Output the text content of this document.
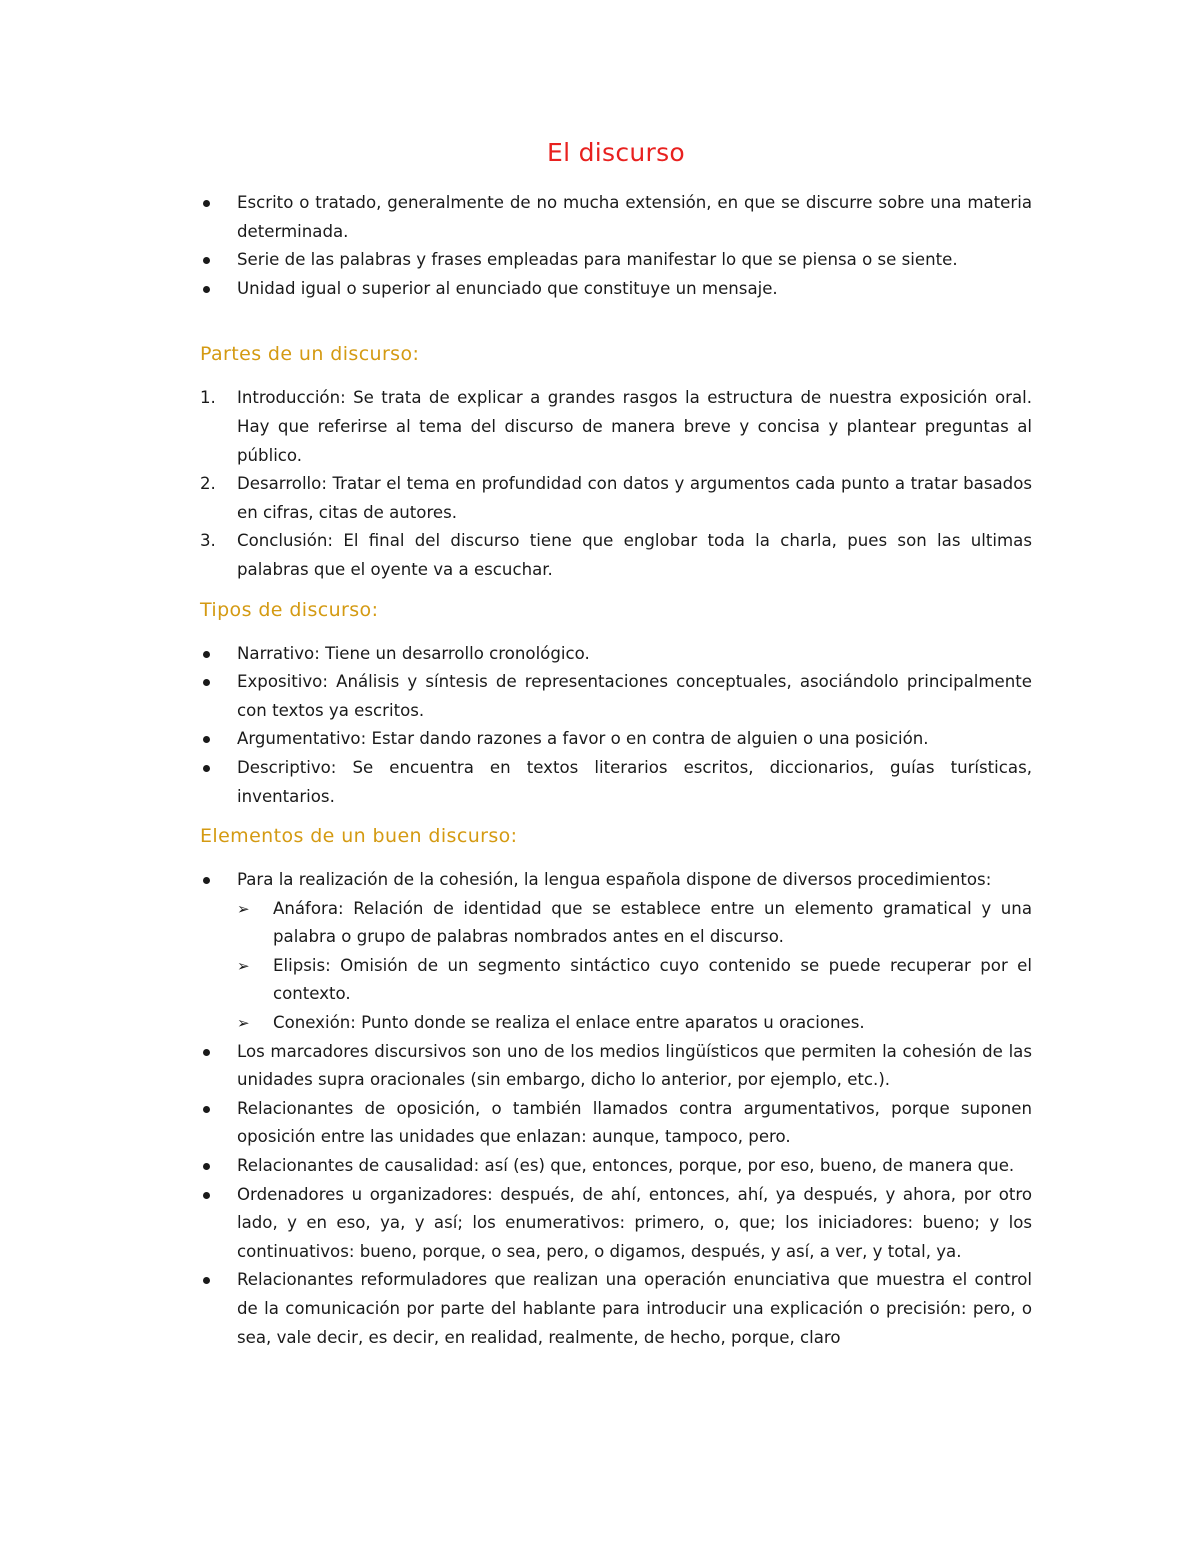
El discurso
Escrito o tratado, generalmente de no mucha extensión, en que se discurre sobre una materia determinada.
Serie de las palabras y frases empleadas para manifestar lo que se piensa o se siente.
Unidad igual o superior al enunciado que constituye un mensaje.
Partes de un discurso:
1. Introducción: Se trata de explicar a grandes rasgos la estructura de nuestra exposición oral. Hay que referirse al tema del discurso de manera breve y concisa y plantear preguntas al público.
2. Desarrollo: Tratar el tema en profundidad con datos y argumentos cada punto a tratar basados en cifras, citas de autores.
3. Conclusión: El final del discurso tiene que englobar toda la charla, pues son las ultimas palabras que el oyente va a escuchar.
Tipos de discurso:
Narrativo: Tiene un desarrollo cronológico.
Expositivo: Análisis y síntesis de representaciones conceptuales, asociándolo principalmente con textos ya escritos.
Argumentativo: Estar dando razones a favor o en contra de alguien o una posición.
Descriptivo: Se encuentra en textos literarios escritos, diccionarios, guías turísticas, inventarios.
Elementos de un buen discurso:
Para la realización de la cohesión, la lengua española dispone de diversos procedimientos:
➢ Anáfora: Relación de identidad que se establece entre un elemento gramatical y una palabra o grupo de palabras nombrados antes en el discurso.
➢ Elipsis: Omisión de un segmento sintáctico cuyo contenido se puede recuperar por el contexto.
➢ Conexión: Punto donde se realiza el enlace entre aparatos u oraciones.
Los marcadores discursivos son uno de los medios lingüísticos que permiten la cohesión de las unidades supra oracionales (sin embargo, dicho lo anterior, por ejemplo, etc.).
Relacionantes de oposición, o también llamados contra argumentativos, porque suponen oposición entre las unidades que enlazan: aunque, tampoco, pero.
Relacionantes de causalidad: así (es) que, entonces, porque, por eso, bueno, de manera que.
Ordenadores u organizadores: después, de ahí, entonces, ahí, ya después, y ahora, por otro lado, y en eso, ya, y así; los enumerativos: primero, o, que; los iniciadores: bueno; y los continuativos: bueno, porque, o sea, pero, o digamos, después, y así, a ver, y total, ya.
Relacionantes reformuladores que realizan una operación enunciativa que muestra el control de la comunicación por parte del hablante para introducir una explicación o precisión: pero, o sea, vale decir, es decir, en realidad, realmente, de hecho, porque, claro
